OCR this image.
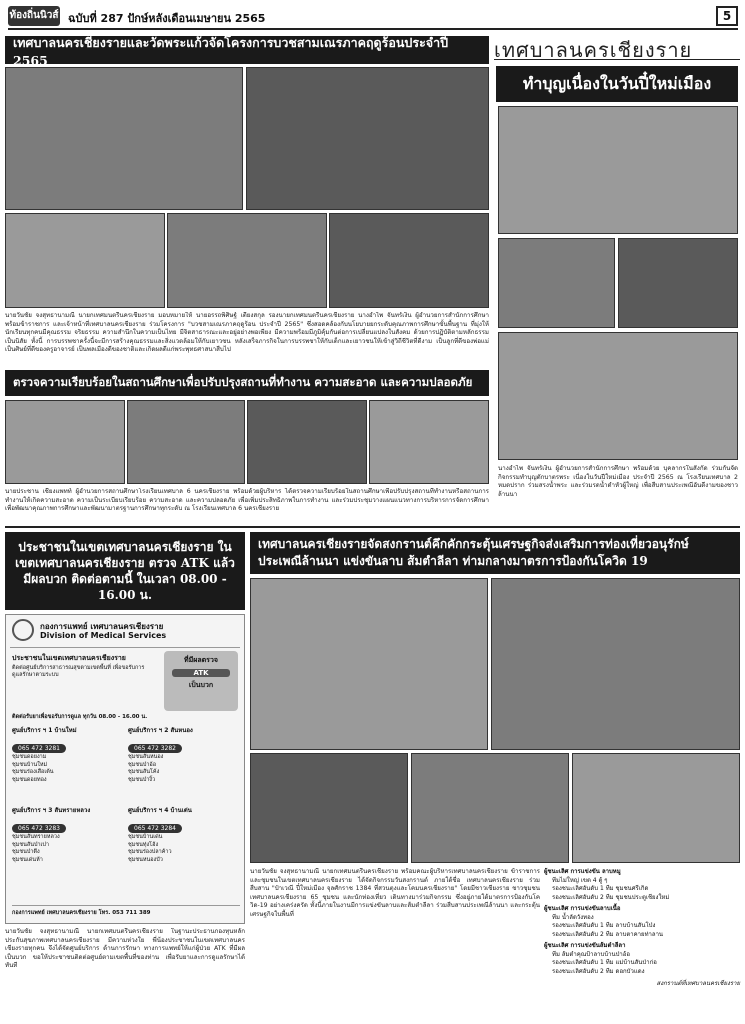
ท้องถิ่นนิวส์ ฉบับที่ 287 ปักษ์หลังเดือนเมษายน 2565	5
เทศบาลนครเชียงรายและวัดพระแก้วจัดโครงการบวชสามเณรภาคฤดูร้อนประจำปี 2565
นายวันชัย จงสุทธานามณี นายกเทศมนตรีนครเชียงราย มอบหมายให้ นายอรรถพิศิษฐ์ เตียงสกุล รองนายกเทศมนตรีนครเชียงราย นางอำไพ จันทร์เงิน ผู้อำนวยการสำนักการศึกษา พร้อมข้าราชการ และเจ้าหน้าที่เทศบาลนครเชียงราย ร่วมโครงการ "บวชสามเณรภาคฤดูร้อน ประจำปี 2565" ซึ่งสอดคล้องกับนโยบายยกระดับคุณภาพการศึกษาขั้นพื้นฐาน ที่มุ่งให้นักเรียนทุกคนมีคุณธรรม จริยธรรม ความสำนึกในความเป็นไทย มีจิตสาธารณะและอยู่อย่างพอเพียง มีความพร้อมมีภูมิคุ้มกันต่อการเปลี่ยนแปลงในสังคม ด้วยการปฏิบัติตามหลักธรรมเป็นนิสัย ทั้งนี้ การบรรพชาครั้งนี้จะมีการสร้างคุณธรรมและสิ่งแวดล้อมให้กับเยาวชน หลังเสร็จภารกิจในการบรรพชาให้กับเด็กและเยาวชนให้เข้าสู่วิถีชีวิตที่ดีงาม เป็นลูกที่ดีของพ่อแม่ เป็นศิษย์ที่ดีของครูอาจารย์ เป็นพลเมืองดีของชาติและเกิดผลดีแก่พระพุทธศาสนาสืบไป
ตรวจความเรียบร้อยในสถานศึกษาเพื่อปรับปรุงสถานที่ทำงาน ความสะอาด และความปลอดภัย
นายประชาน เชียงแพทท์ ผู้อำนวยการสถานศึกษาโรงเรียนเทศบาล 6 นครเชียงราย พร้อมด้วยผู้บริหาร ได้ตรวจความเรียบร้อยในสถานศึกษาเพื่อปรับปรุงสถานที่ทำงานหรือสถานการทำงานให้เกิดความสะอาด ความเป็นระเบียบเรียบร้อย ความสะอาด และความปลอดภัย เพื่อเพิ่มประสิทธิภาพในการทำงาน และร่วมประชุมวางแผนแนวทางการบริหารการจัดการศึกษา เพื่อพัฒนาคุณภาพการศึกษาและพัฒนามาตรฐานการศึกษาทุกระดับ ณ โรงเรียนเทศบาล 6 นครเชียงราย
เทศบาลนครเชียงราย
ทำบุญเนื่องในวันปี๋ใหม่เมือง
นางอำไพ จันทร์เงิน ผู้อำนวยการสำนักการศึกษา พร้อมด้วย บุคลากรในสังกัด ร่วมกันจัดกิจกรรมทำบุญตักบาตรพระ เนื่องในวันปีใหม่เมือง ประจำปี 2565 ณ โรงเรียนเทศบาล 2 หมดปราก ร่วมสรงน้ำพระ และร่วมรดน้ำดำหัวผู้ใหญ่ เพื่อสืบสานประเพณีอันดีงามของชาวล้านนา
ประชาชนในเขตเทศบาลนครเชียงราย ในเขตเทศบาลนครเชียงราย ตรวจ ATK แล้วมีผลบวก ติดต่อตามนี้ ในเวลา 08.00 - 16.00 น.
กองการแพทย์ เทศบาลนครเชียงราย
Division of Medical Services
ประชาชนในเขตเทศบาลนครเชียงราย
ติดต่อศูนย์บริการสาธารณสุขตามเขตพื้นที่ เพื่อขอรับการดูแลรักษาตามระบบ
ที่มีผลตรวจ
ATK
เป็นบวก
ติดต่อรับยาเพื่อขอรับการดูแล ทุกวัน 08.00 - 16.00 น.
ศูนย์บริการ ฯ 1 บ้านใหม่
065 472 3281
ชุมชนดอยงาม
ชุมชนบ้านใหม่
ชุมชนร่องเสือเต้น
ชุมชนดอยทอง
ศูนย์บริการ ฯ 2 สันหนอง
065 472 3282
ชุมชนสันหนอง
ชุมชนป่าอ้อ
ชุมชนสันโค้ง
ชุมชนป่างิ้ว
ศูนย์บริการ ฯ 3 สันทรายหลวง
065 472 3283
ชุมชนสันทรายหลวง
ชุมชนสันป่าเปา
ชุมชนป่าตึง
ชุมชนเด่นห้า
ศูนย์บริการ ฯ 4 บ้านเด่น
065 472 3284
ชุมชนบ้านเด่น
ชุมชนทุ่งโฮ้ง
ชุมชนร่องปลาค้าว
ชุมชนหนองบัว
กองการแพทย์ เทศบาลนครเชียงราย โทร. 053 711 389
นายวันชัย จงสุทธานามณี นายกเทศมนตรีนครเชียงราย ในฐานะประธานกองทุนหลักประกันสุขภาพเทศบาลนครเชียงราย มีความห่วงใย พี่น้องประชาชนในเขตเทศบาลนครเชียงรายทุกคน จึงได้จัดศูนย์บริการ ด้านการรักษา ทางการแพทย์ให้แก่ผู้ป่วย ATK ที่มีผลเป็นบวก ขอให้ประชาชนติดต่อศูนย์ตามเขตพื้นที่ของท่าน เพื่อรับยาและการดูแลรักษาได้ทันที
เทศบาลนครเชียงรายจัดสงกรานต์คึกคักกระตุ้นเศรษฐกิจส่งเสริมการท่องเที่ยวอนุรักษ์ ประเพณีล้านนา แข่งขันลาบ ส้มตำลีลา ท่ามกลางมาตรการป้องกันโควิด 19
นายวันชัย จงสุทธานามณี นายกเทศมนตรีนครเชียงราย พร้อมคณะผู้บริหารเทศบาลนครเชียงราย ข้าราชการ และชุมชนในเขตเทศบาลนครเชียงราย ได้จัดกิจกรรมวันสงกรานต์ ภายใต้ชื่อ เทศบาลนครเชียงราย ร่วมสืบสาน "ป๋าเวณี ปี๋ใหม่เมือง จุลศักราช 1384 ที่สวนตุงและโคมนครเชียงราย" โดยมีชาวเชียงราย ชาวชุมชนเทศบาลนครเชียงราย 65 ชุมชน และนักท่องเที่ยว เดินทางมาร่วมกิจกรรม ซึ่งอยู่ภายใต้มาตรการป้องกันโควิด-19 อย่างเคร่งครัด ทั้งนี้ภายในงานมีการแข่งขันลาบและส้มตำลีลา ร่วมสืบสานประเพณีล้านนา และกระตุ้นเศรษฐกิจในพื้นที่
ผู้ชนะเลิศ การแข่งขัน ลาบหมู
ทีมไม่ใหญ่ เขต 4 ตู้ ๆ
รองชนะเลิศอันดับ 1 ทีม ชุมชนศรีเกิด
รองชนะเลิศอันดับ 2 ทีม ชุมชนประตูเชียงใหม่
ผู้ชนะเลิศ การแข่งขันลาบเนื้อ
ทีม น้ำลัดวังทอง
รองชนะเลิศอันดับ 1 ทีม ลาบบ้านสันโป่ง
รองชนะเลิศอันดับ 2 ทีม ลาบตาคายท่าลาน
ผู้ชนะเลิศ การแข่งขันส้มตำลีลา
ทีม ส้มตำคุณป้าลาบบ้านป่าอ้อ
รองชนะเลิศอันดับ 1 ทีม แม่บ้านสันป่าก่อ
รองชนะเลิศอันดับ 2 ทีม ดอกบัวแดง
สงกรานต์ที่เทศบาลนครเชียงราย
